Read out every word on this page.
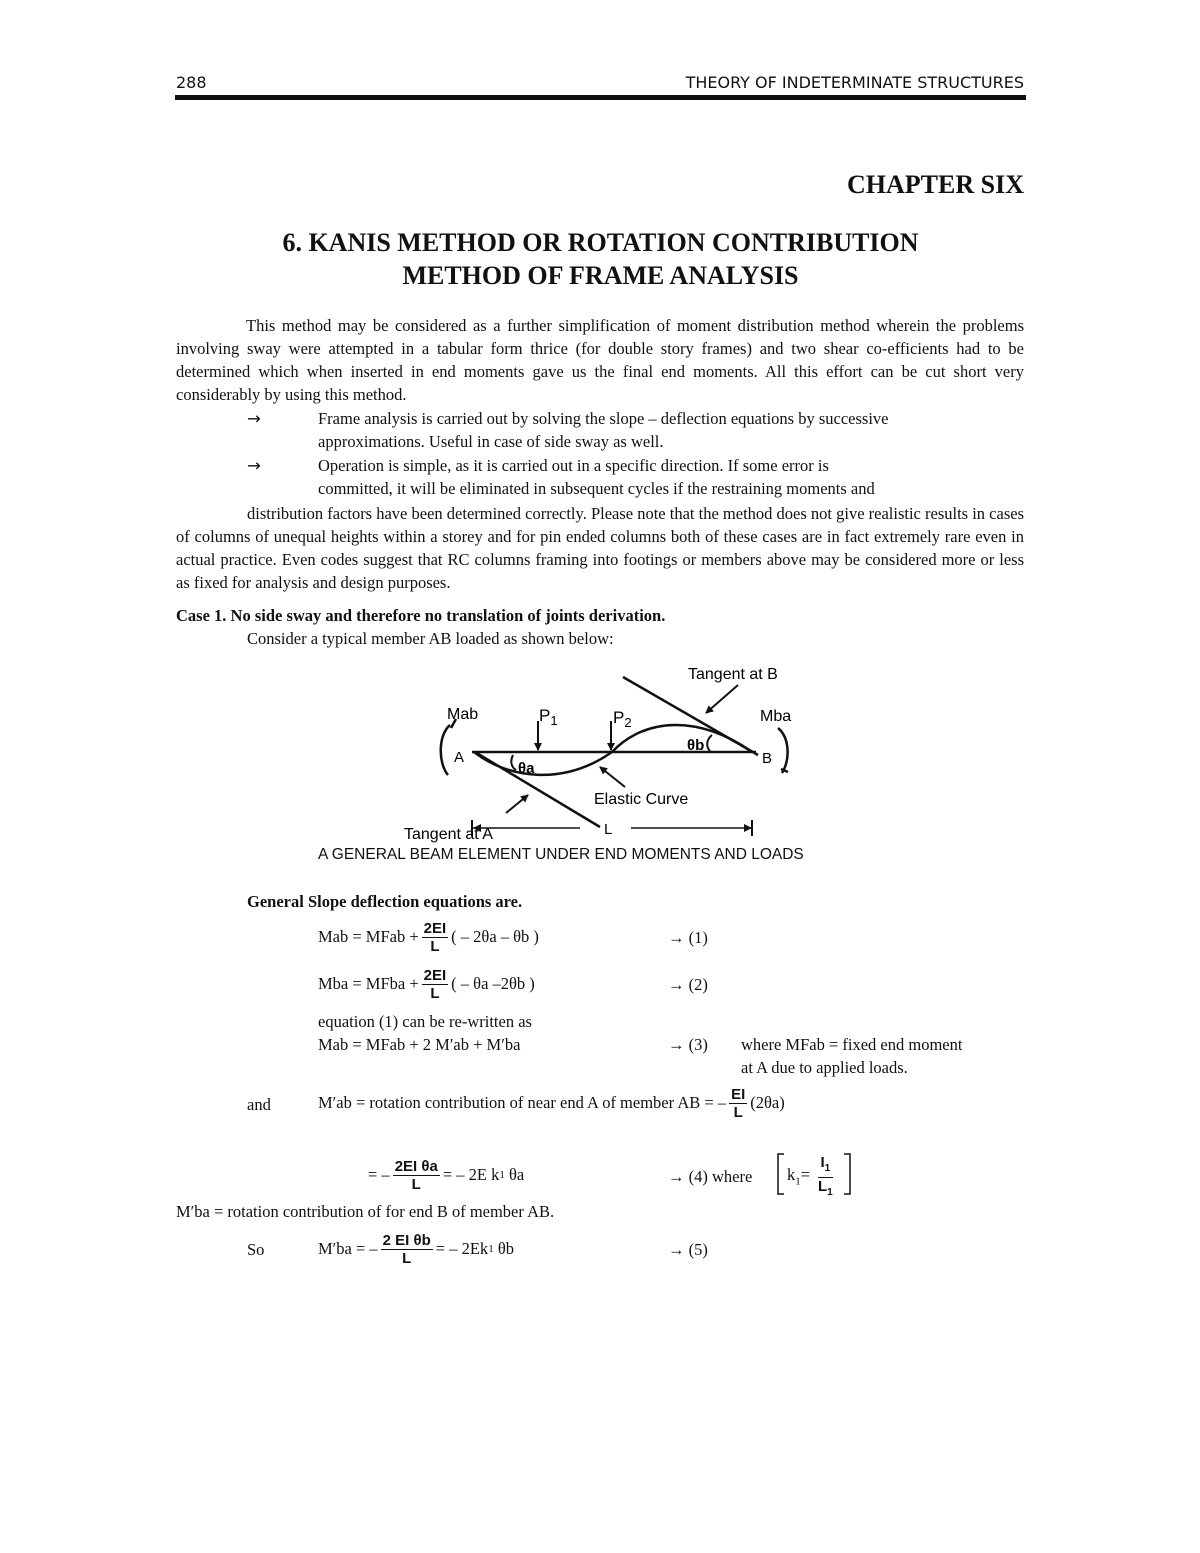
288	THEORY OF INDETERMINATE STRUCTURES
CHAPTER SIX
6. KANIS METHOD OR ROTATION CONTRIBUTION
METHOD OF FRAME ANALYSIS
This method may be considered as a further simplification of moment distribution method wherein the problems involving sway were attempted in a tabular form thrice (for double story frames) and two shear co-efficients had to be determined which when inserted in end moments gave us the final end moments. All this effort can be cut short very considerably by using this method.
→	Frame analysis is carried out by solving the slope – deflection equations by successive
approximations. Useful in case of side sway as well.
→	Operation is simple, as it is carried out in a specific direction. If some error is
committed, it will be eliminated in subsequent cycles if the restraining moments and
distribution factors have been determined correctly. Please note that the method does not give realistic results in cases of columns of unequal heights within a storey and for pin ended columns both of these cases are in fact extremely rare even in actual practice. Even codes suggest that RC columns framing into footings or members above may be considered more or less as fixed for analysis and design purposes.
Case 1. No side sway and therefore no translation of joints derivation.
Consider a typical member AB loaded as shown below:
Tangent at B
Tangent at A
Mab	Mba
$P_1$	$P_2$
θb
θa
A	B
Elastic Curve
L
A GENERAL BEAM ELEMENT UNDER END MOMENTS AND LOADS
General Slope deflection equations are.
Mab = MFab + $\frac{2EI}{L}$ ( – 2θa – θb )	→ (1)
Mba = MFba + $\frac{2EI}{L}$ ( – θa –2θb )	→ (2)
equation (1) can be re-written as
Mab = MFab + 2 M′ab + M′ba	→ (3) where MFab = fixed end moment
at A due to applied loads.
and	M′ab = rotation contribution of near end A of member AB = – $\frac{EI}{L} (2\theta a)$
= – $\frac{\text{2EI θa}}{L}$ = – 2E k 1
θa	→ (4) where $k_1= \frac{I_1}{L_1}$
M′ba = rotation contribution of for end B of member AB.
So	M′ba = – $\frac{\text{2 EI θb}}{L}$ = – 2Ek 1
θb	→ (5)
